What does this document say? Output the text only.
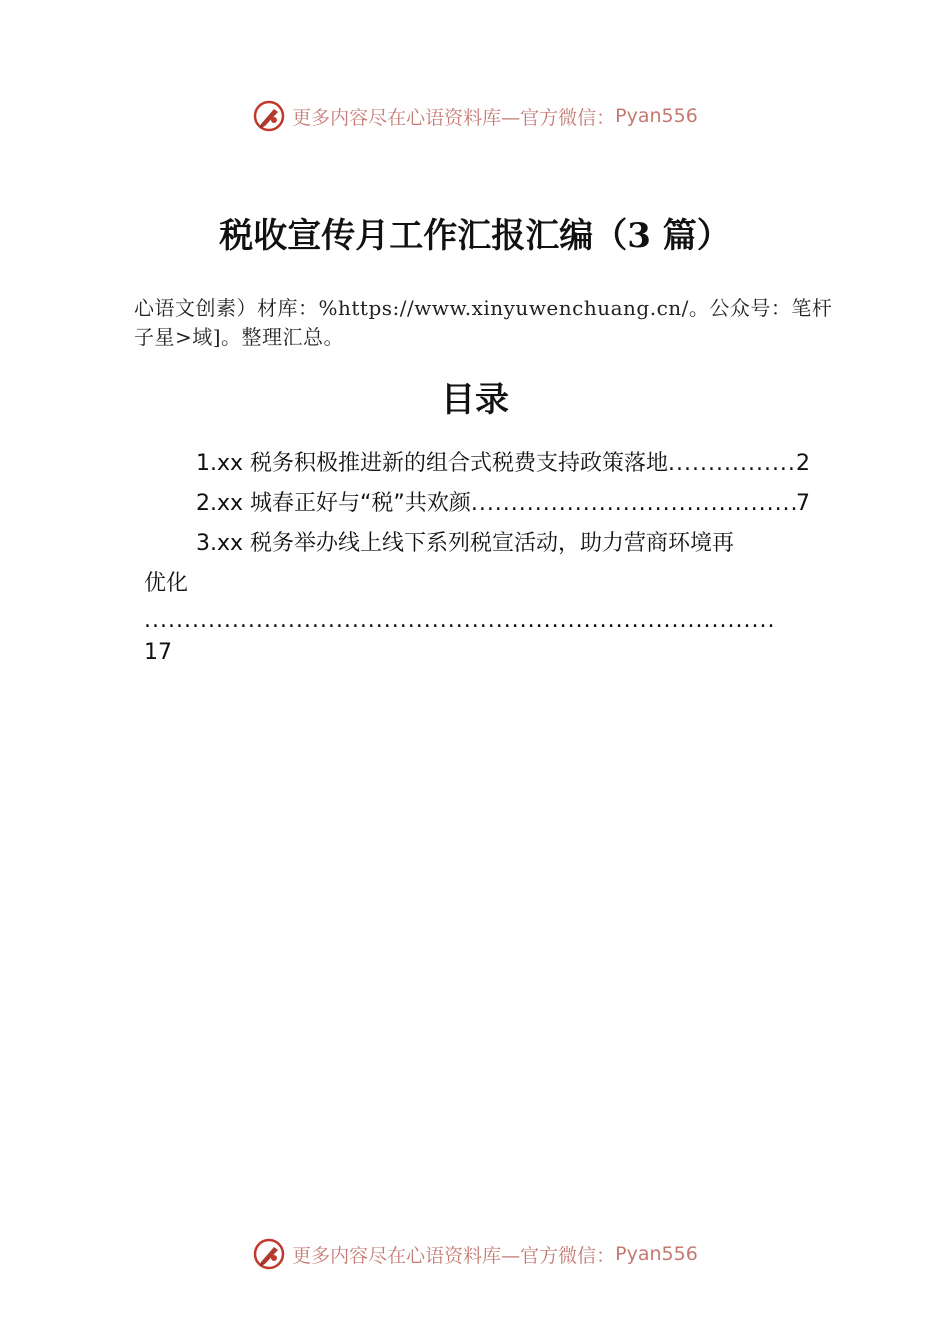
更多内容尽在心语资料库—官方微信： Pyan556
税收宣传月工作汇报汇编（3 篇）
心语文创素）材库：%https://www.xinyuwenchuang.cn/。公众号：笔杆子星>域]。整理汇总。
目录
1.xx 税务积极推进新的组合式税费支持政策落地 .....	2
2.xx 城春正好与“税”共欢颜 .....	7
3.xx 税务举办线上线下系列税宣活动，助力营商环境再
优化
.....
17
更多内容尽在心语资料库—官方微信： Pyan556
